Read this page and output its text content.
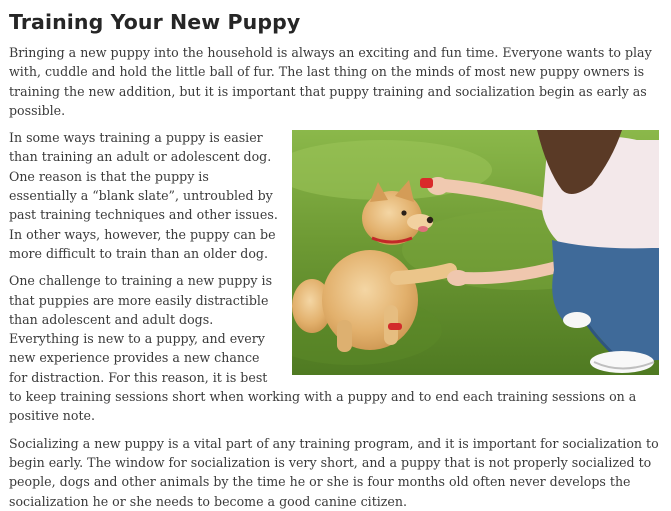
Training Your New Puppy

Bringing a new puppy into the household is always an exciting and fun time. Everyone wants to play with, cuddle and hold the little ball of fur. The last thing on the minds of most new puppy owners is training the new addition, but it is important that puppy training and socialization begin as early as possible.

In some ways training a puppy is easier than training an adult or adolescent dog. One reason is that the puppy is essentially a “blank slate”, untroubled by past training techniques and other issues. In other ways, however, the puppy can be more difficult to train than an older dog.

One challenge to training a new puppy is that puppies are more easily distractible than adolescent and adult dogs. Everything is new to a puppy, and every new experience provides a new chance for distraction. For this reason, it is best to keep training sessions short when working with a puppy and to end each training sessions on a positive note.

Socializing a new puppy is a vital part of any training program, and it is important for socialization to begin early. The window for socialization is very short, and a puppy that is not properly socialized to people, dogs and other animals by the time he or she is four months old often never develops the socialization he or she needs to become a good canine citizen.
